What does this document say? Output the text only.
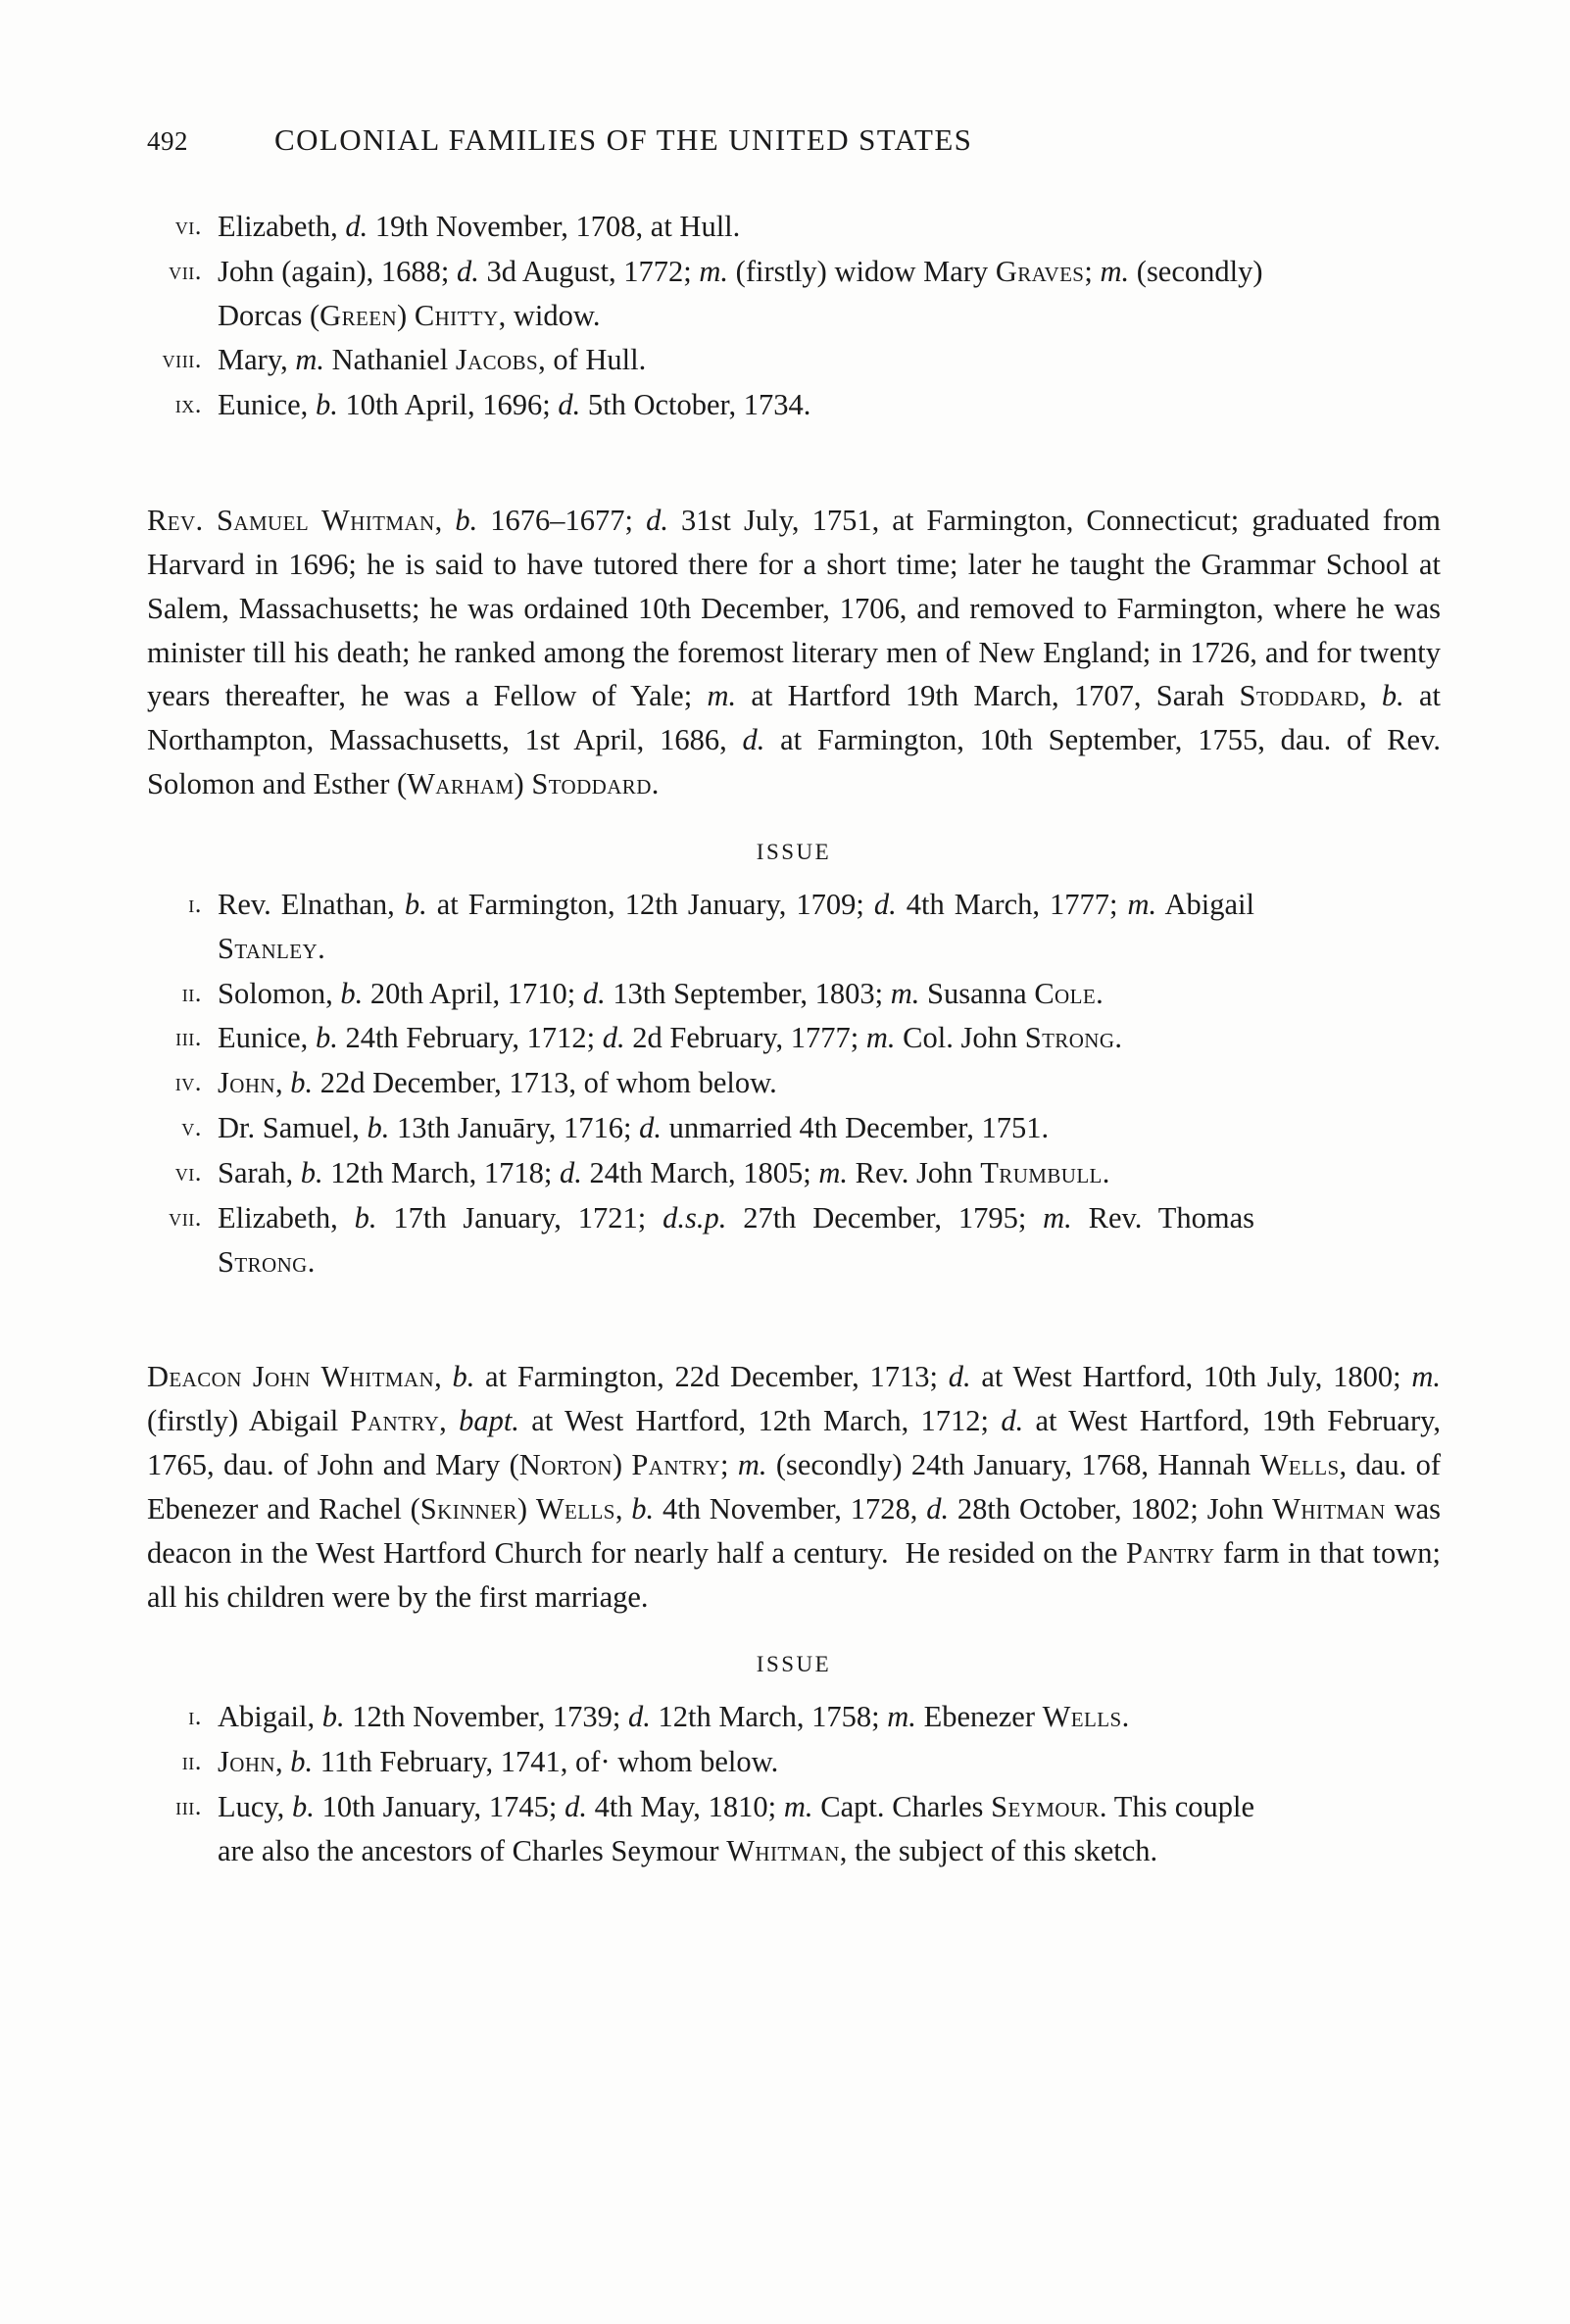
492	COLONIAL FAMILIES OF THE UNITED STATES
vi. Elizabeth, d. 19th November, 1708, at Hull.
vii. John (again), 1688; d. 3d August, 1772; m. (firstly) widow Mary Graves; m. (secondly) Dorcas (Green) Chitty, widow.
viii. Mary, m. Nathaniel Jacobs, of Hull.
ix. Eunice, b. 10th April, 1696; d. 5th October, 1734.

Rev. Samuel Whitman, b. 1676–1677; d. 31st July, 1751, at Farmington, Connecticut; graduated from Harvard in 1696; he is said to have tutored there for a short time; later he taught the Grammar School at Salem, Massachusetts; he was ordained 10th December, 1706, and removed to Farmington, where he was minister till his death; he ranked among the foremost literary men of New England; in 1726, and for twenty years thereafter, he was a Fellow of Yale; m. at Hartford 19th March, 1707, Sarah Stoddard, b. at Northampton, Massachusetts, 1st April, 1686, d. at Farmington, 10th September, 1755, dau. of Rev. Solomon and Esther (Warham) Stoddard.

ISSUE
i. Rev. Elnathan, b. at Farmington, 12th January, 1709; d. 4th March, 1777; m. Abigail Stanley.
ii. Solomon, b. 20th April, 1710; d. 13th September, 1803; m. Susanna Cole.
iii. Eunice, b. 24th February, 1712; d. 2d February, 1777; m. Col. John Strong.
iv. John, b. 22d December, 1713, of whom below.
v. Dr. Samuel, b. 13th Januāry, 1716; d. unmarried 4th December, 1751.
vi. Sarah, b. 12th March, 1718; d. 24th March, 1805; m. Rev. John Trumbull.
vii. Elizabeth, b. 17th January, 1721; d.s.p. 27th December, 1795; m. Rev. Thomas Strong.

Deacon John Whitman, b. at Farmington, 22d December, 1713; d. at West Hartford, 10th July, 1800; m. (firstly) Abigail Pantry, bapt. at West Hartford, 12th March, 1712; d. at West Hartford, 19th February, 1765, dau. of John and Mary (Norton) Pantry; m. (secondly) 24th January, 1768, Hannah Wells, dau. of Ebenezer and Rachel (Skinner) Wells, b. 4th November, 1728, d. 28th October, 1802; John Whitman was deacon in the West Hartford Church for nearly half a century.  He resided on the Pantry farm in that town; all his children were by the first marriage.

ISSUE
i. Abigail, b. 12th November, 1739; d. 12th March, 1758; m. Ebenezer Wells.
ii. John, b. 11th February, 1741, of· whom below.
iii. Lucy, b. 10th January, 1745; d. 4th May, 1810; m. Capt. Charles Seymour. This couple are also the ancestors of Charles Seymour Whitman, the subject of this sketch.
